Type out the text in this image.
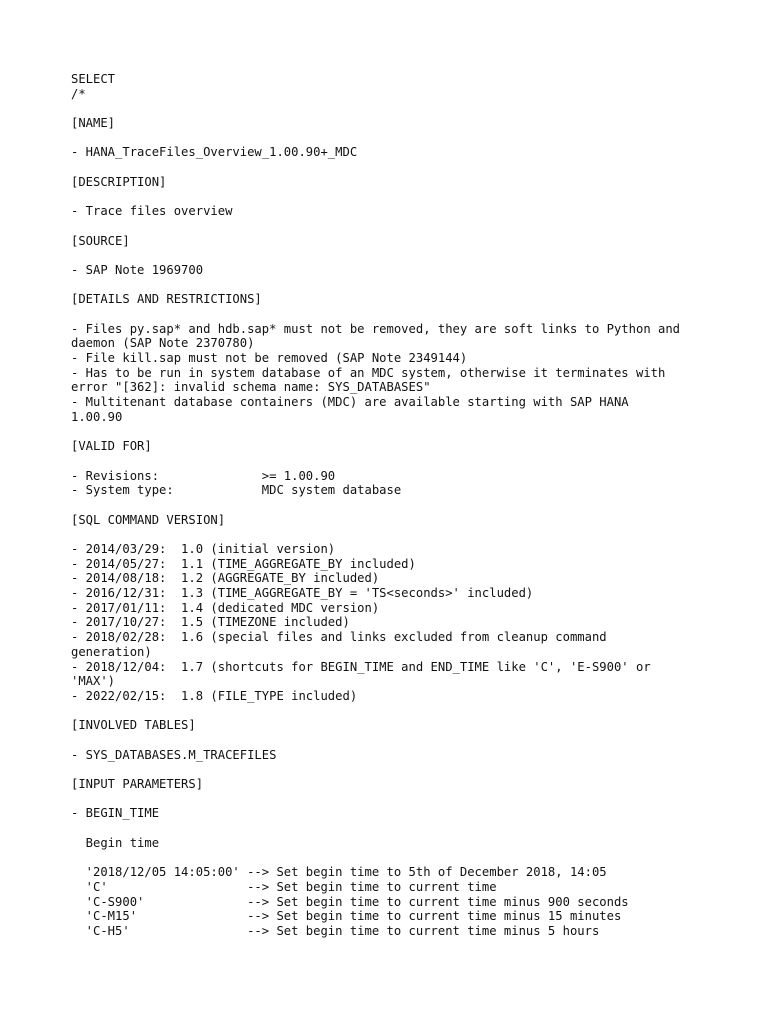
SELECT
/*
[NAME]
- HANA_TraceFiles_Overview_1.00.90+_MDC
[DESCRIPTION]
- Trace files overview
[SOURCE]
- SAP Note 1969700
[DETAILS AND RESTRICTIONS]
- Files py.sap* and hdb.sap* must not be removed, they are soft links to Python and
daemon (SAP Note 2370780)
- File kill.sap must not be removed (SAP Note 2349144)
- Has to be run in system database of an MDC system, otherwise it terminates with
error "[362]: invalid schema name: SYS_DATABASES"
- Multitenant database containers (MDC) are available starting with SAP HANA
1.00.90
[VALID FOR]
- Revisions:              >= 1.00.90
- System type:            MDC system database
[SQL COMMAND VERSION]
- 2014/03/29:  1.0 (initial version)
- 2014/05/27:  1.1 (TIME_AGGREGATE_BY included)
- 2014/08/18:  1.2 (AGGREGATE_BY included)
- 2016/12/31:  1.3 (TIME_AGGREGATE_BY = 'TS<seconds>' included)
- 2017/01/11:  1.4 (dedicated MDC version)
- 2017/10/27:  1.5 (TIMEZONE included)
- 2018/02/28:  1.6 (special files and links excluded from cleanup command
generation)
- 2018/12/04:  1.7 (shortcuts for BEGIN_TIME and END_TIME like 'C', 'E-S900' or
'MAX')
- 2022/02/15:  1.8 (FILE_TYPE included)
[INVOLVED TABLES]
- SYS_DATABASES.M_TRACEFILES
[INPUT PARAMETERS]
- BEGIN_TIME
Begin time
'2018/12/05 14:05:00' --> Set begin time to 5th of December 2018, 14:05
'C'                   --> Set begin time to current time
'C-S900'              --> Set begin time to current time minus 900 seconds
'C-M15'               --> Set begin time to current time minus 15 minutes
'C-H5'                --> Set begin time to current time minus 5 hours
